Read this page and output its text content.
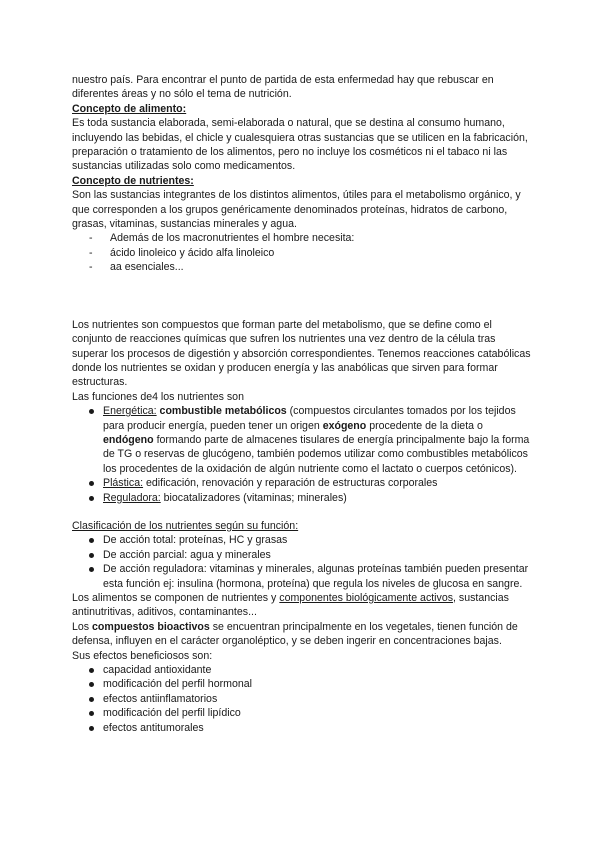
nuestro país. Para encontrar el punto de partida de esta enfermedad hay que rebuscar en diferentes áreas y no sólo el tema de nutrición.

Concepto de alimento:

Es toda sustancia elaborada, semi-elaborada o natural, que se destina al consumo humano, incluyendo las bebidas, el chicle y cualesquiera otras sustancias que se utilicen en la fabricación, preparación o tratamiento de los alimentos, pero no incluye los cosméticos ni el tabaco ni las sustancias utilizadas solo como medicamentos.

Concepto de nutrientes:

Son las sustancias integrantes de los distintos alimentos, útiles para el metabolismo orgánico, y que corresponden a los grupos genéricamente denominados proteínas, hidratos de carbono, grasas, vitaminas, sustancias minerales y agua.

- Además de los macronutrientes el hombre necesita:
- ácido linoleico y ácido alfa linoleico
- aa esenciales...

Los nutrientes son compuestos que forman parte del metabolismo, que se define como el conjunto de reacciones químicas que sufren los nutrientes una vez dentro de la célula tras superar los procesos de digestión y absorción correspondientes. Tenemos reacciones catabólicas donde los nutrientes se oxidan y producen energía y las anabólicas que sirven para formar estructuras.

Las funciones de4 los nutrientes son

Energética: combustible metabólicos (compuestos circulantes tomados por los tejidos para producir energía, pueden tener un origen exógeno procedente de la dieta o endógeno formando parte de almacenes tisulares de energía principalmente bajo la forma de TG o reservas de glucógeno, también podemos utilizar como combustibles metabólicos los procedentes de la oxidación de algún nutriente como el lactato o cuerpos cetónicos).
Plástica: edificación, renovación y reparación de estructuras corporales
Reguladora: biocatalizadores (vitaminas; minerales)

Clasificación de los nutrientes según su función:

De acción total: proteínas, HC y grasas
De acción parcial: agua y minerales
De acción reguladora: vitaminas y minerales, algunas proteínas también pueden presentar esta función ej: insulina (hormona, proteína) que regula los niveles de glucosa en sangre.

Los alimentos se componen de nutrientes y componentes biológicamente activos, sustancias antinutritivas, aditivos, contaminantes...

Los compuestos bioactivos se encuentran principalmente en los vegetales, tienen función de defensa, influyen en el carácter organoléptico, y se deben ingerir en concentraciones bajas.

Sus efectos beneficiosos son:

capacidad antioxidante
modificación del perfil hormonal
efectos antiinflamatorios
modificación del perfil lipídico
efectos antitumorales
